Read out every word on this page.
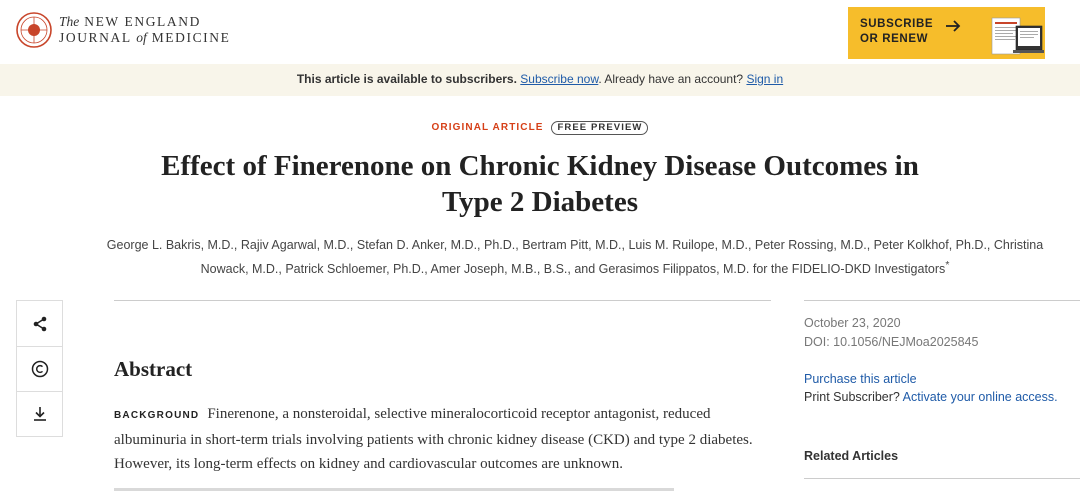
The NEW ENGLAND
JOURNAL of MEDICINE
SUBSCRIBE
OR RENEW
This article is available to subscribers. Subscribe now. Already have an account? Sign in
ORIGINAL ARTICLE FREE PREVIEW
Effect of Finerenone on Chronic Kidney Disease Outcomes in Type 2 Diabetes
George L. Bakris, M.D., Rajiv Agarwal, M.D., Stefan D. Anker, M.D., Ph.D., Bertram Pitt, M.D., Luis M. Ruilope, M.D., Peter Rossing, M.D., Peter Kolkhof, Ph.D., Christina Nowack, M.D., Patrick Schloemer, Ph.D., Amer Joseph, M.B., B.S., and Gerasimos Filippatos, M.D. for the FIDELIO-DKD Investigators*
Abstract
BACKGROUND Finerenone, a nonsteroidal, selective mineralocorticoid receptor antagonist, reduced albuminuria in short-term trials involving patients with chronic kidney disease (CKD) and type 2 diabetes. However, its long-term effects on kidney and cardiovascular outcomes are unknown.
October 23, 2020
DOI: 10.1056/NEJMoa2025845
Purchase this article
Print Subscriber? Activate your online access.
Related Articles
